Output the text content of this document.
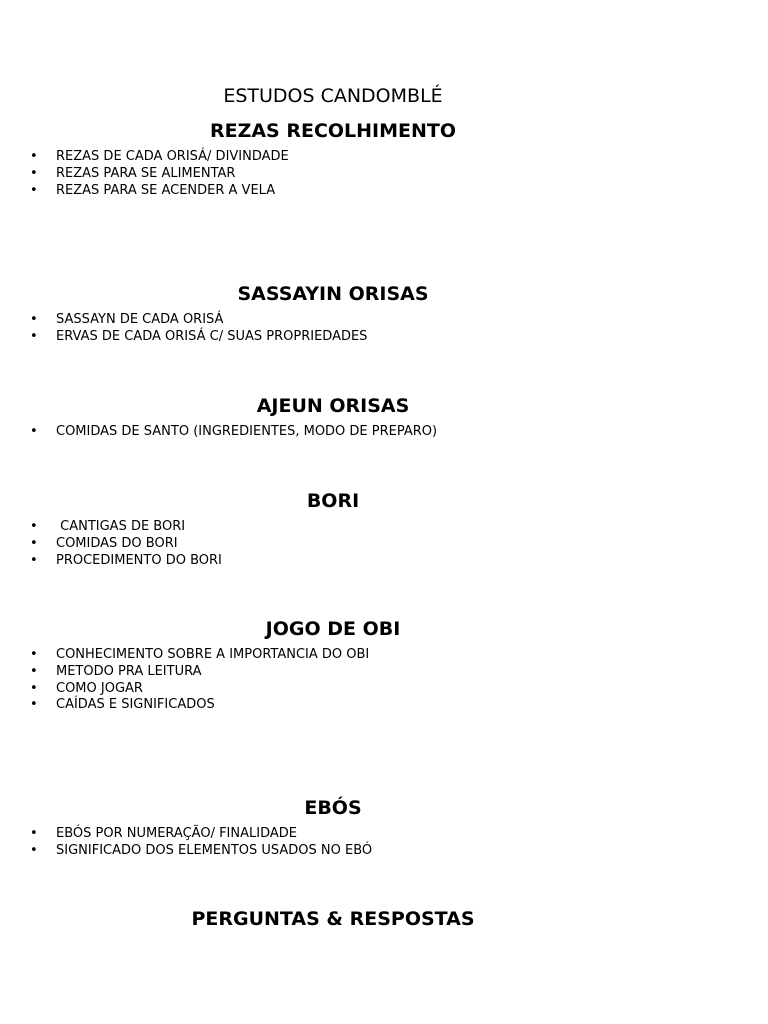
ESTUDOS CANDOMBLÉ
REZAS RECOLHIMENTO
• REZAS DE CADA ORISÁ/ DIVINDADE
• REZAS PARA SE ALIMENTAR
• REZAS PARA SE ACENDER A VELA
SASSAYIN ORISAS
• SASSAYN DE CADA ORISÁ
• ERVAS DE CADA ORISÁ C/ SUAS PROPRIEDADES
AJEUN ORISAS
• COMIDAS DE SANTO (INGREDIENTES, MODO DE PREPARO)
BORI
• CANTIGAS DE BORI
• COMIDAS DO BORI
• PROCEDIMENTO DO BORI
JOGO DE OBI
• CONHECIMENTO SOBRE A IMPORTANCIA DO OBI
• METODO PRA LEITURA
• COMO JOGAR
• CAÍDAS E SIGNIFICADOS
EBÓS
• EBÓS POR NUMERAÇÃO/ FINALIDADE
• SIGNIFICADO DOS ELEMENTOS USADOS NO EBÓ
PERGUNTAS & RESPOSTAS
